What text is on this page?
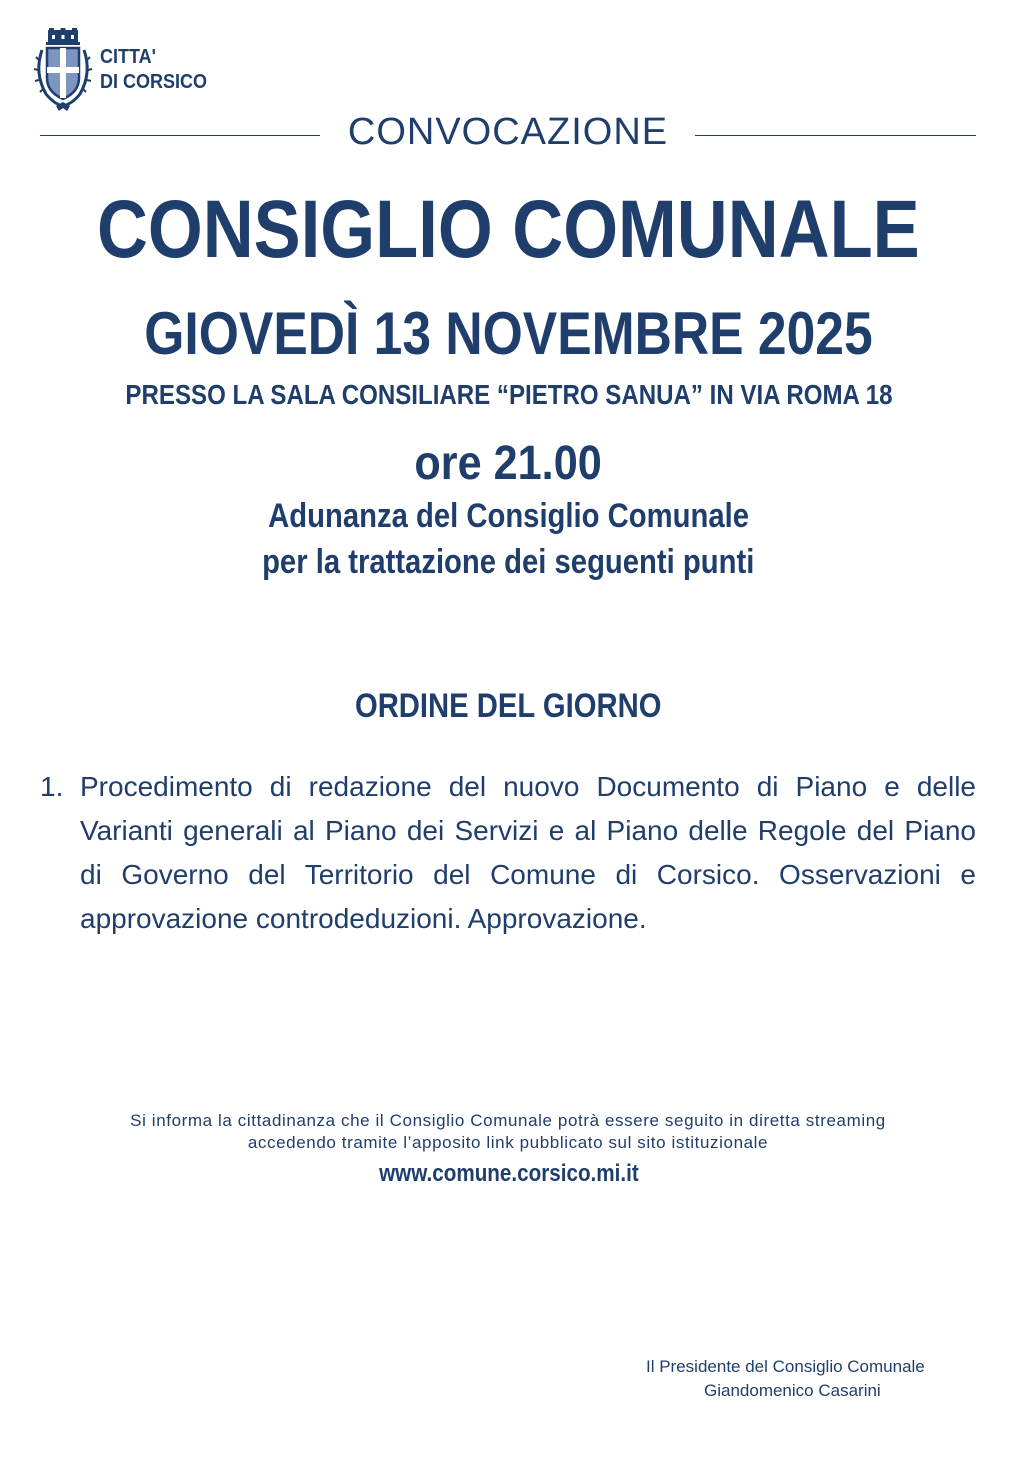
CITTA'
DI CORSICO
CONVOCAZIONE
CONSIGLIO COMUNALE
GIOVEDÌ 13 NOVEMBRE 2025
PRESSO LA SALA CONSILIARE “PIETRO SANUA” IN VIA ROMA 18
ore 21.00
Adunanza del Consiglio Comunale
per la trattazione dei seguenti punti
ORDINE DEL GIORNO
1. Procedimento di redazione del nuovo Documento di Piano e delle Varianti generali al Piano dei Servizi e al Piano delle Regole del Piano di Governo del Territorio del Comune di Corsico. Osservazioni e approvazione controdeduzioni. Approvazione.
Si informa la cittadinanza che il Consiglio Comunale potrà essere seguito in diretta streaming
accedendo tramite l’apposito link pubblicato sul sito istituzionale
www.comune.corsico.mi.it
Il Presidente del Consiglio Comunale
Giandomenico Casarini
